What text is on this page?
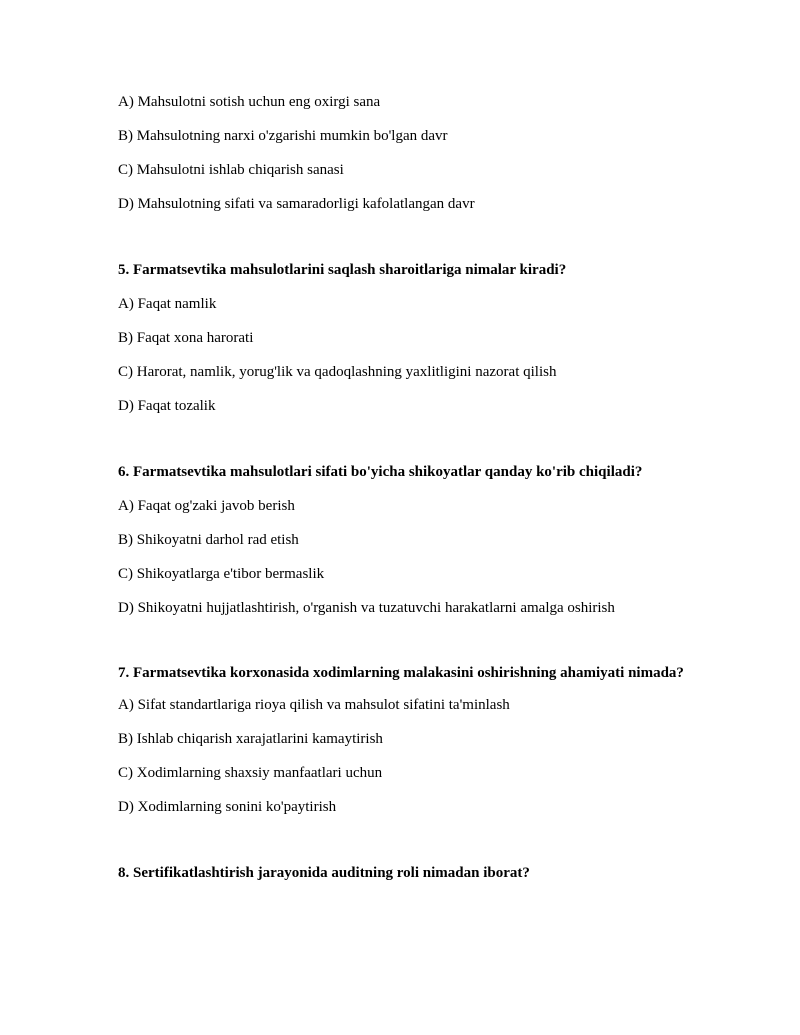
A) Mahsulotni sotish uchun eng oxirgi sana

B) Mahsulotning narxi o'zgarishi mumkin bo'lgan davr

C) Mahsulotni ishlab chiqarish sanasi

D) Mahsulotning sifati va samaradorligi kafolatlangan davr

5. Farmatsevtika mahsulotlarini saqlash sharoitlariga nimalar kiradi?

A) Faqat namlik

B) Faqat xona harorati

C) Harorat, namlik, yorug'lik va qadoqlashning yaxlitligini nazorat qilish

D) Faqat tozalik

6. Farmatsevtika mahsulotlari sifati bo'yicha shikoyatlar qanday ko'rib chiqiladi?

A) Faqat og'zaki javob berish

B) Shikoyatni darhol rad etish

C) Shikoyatlarga e'tibor bermaslik

D) Shikoyatni hujjatlashtirish, o'rganish va tuzatuvchi harakatlarni amalga oshirish

7. Farmatsevtika korxonasida xodimlarning malakasini oshirishning ahamiyati nimada?

A) Sifat standartlariga rioya qilish va mahsulot sifatini ta'minlash

B) Ishlab chiqarish xarajatlarini kamaytirish

C) Xodimlarning shaxsiy manfaatlari uchun

D) Xodimlarning sonini ko'paytirish

8. Sertifikatlashtirish jarayonida auditning roli nimadan iborat?
